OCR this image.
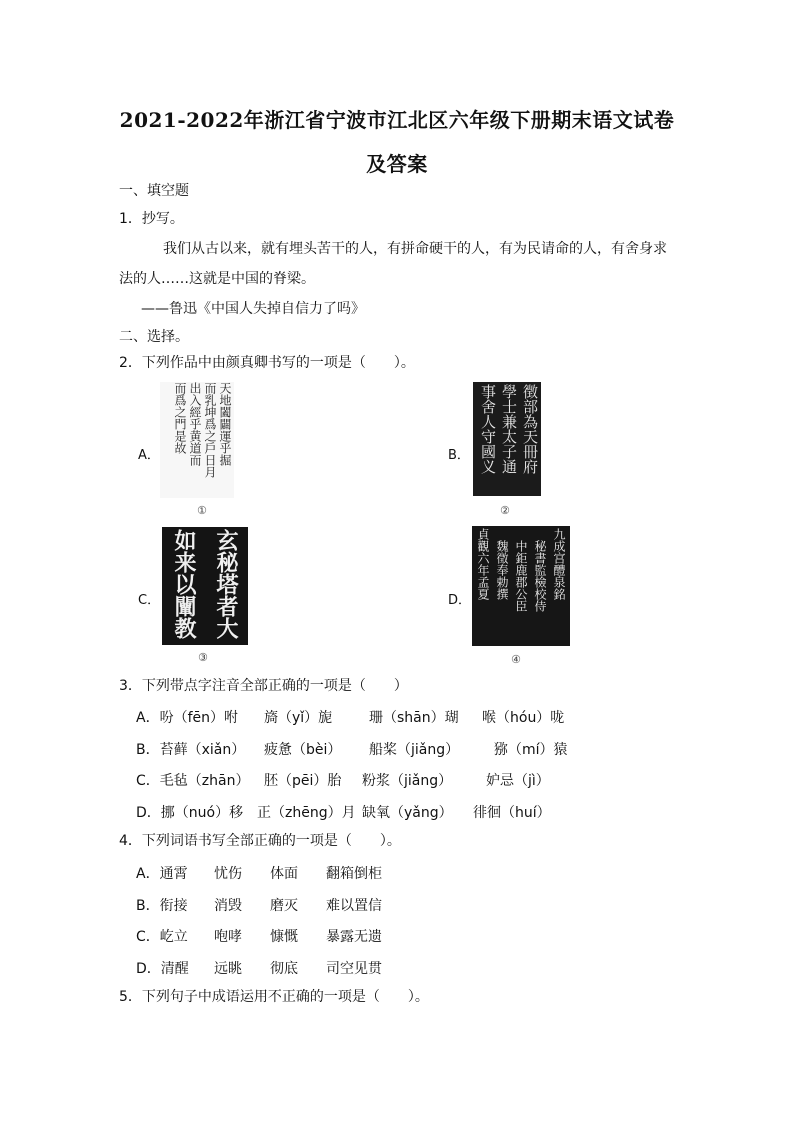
2021-2022年浙江省宁波市江北区六年级下册期末语文试卷
及答案
一、填空题
1．抄写。
我们从古以来，就有埋头苦干的人，有拼命硬干的人，有为民请命的人，有舍身求
法的人……这就是中国的脊梁。
——鲁迅《中国人失掉自信力了吗》
二、选择。
2．下列作品中由颜真卿书写的一项是（　　）。
A．	天地闔闢運乎掘
而乳坤爲之戶日月
出入經乎黄道而
而爲之門是故
①
B．	徴部為天冊府
學士兼太子通
事舍人守國义
②
C．	玄秘塔者大
如来以闡教
③
D．
九成宫醴泉銘
秘書監檢校侍
中鉅鹿郡公臣
魏徵奉勅撰
貞觀六年孟夏
④
3．下列带点字注音全部正确的一项是（　　）
A．吩（fēn）咐 旖（yǐ）旎	珊（shān）瑚 喉（hóu）咙
B．苔藓（xiǎn） 疲惫（bèi） 船桨（jiǎng） 猕（mí）猿
C．毛毡（zhān） 胚（pēi）胎 粉浆（jiǎng） 妒忌（jì）
D．挪（nuó）移 正（zhēng）月 缺氧（yǎng） 徘徊（huí）
4．下列词语书写全部正确的一项是（　　）。
A．通霄 忧伤 体面 翻箱倒柜
B．衔接 消毁 磨灭 难以置信
C．屹立 咆哮 慷慨 暴露无遗
D．清醒 远眺 彻底 司空见贯
5．下列句子中成语运用不正确的一项是（　　）。
